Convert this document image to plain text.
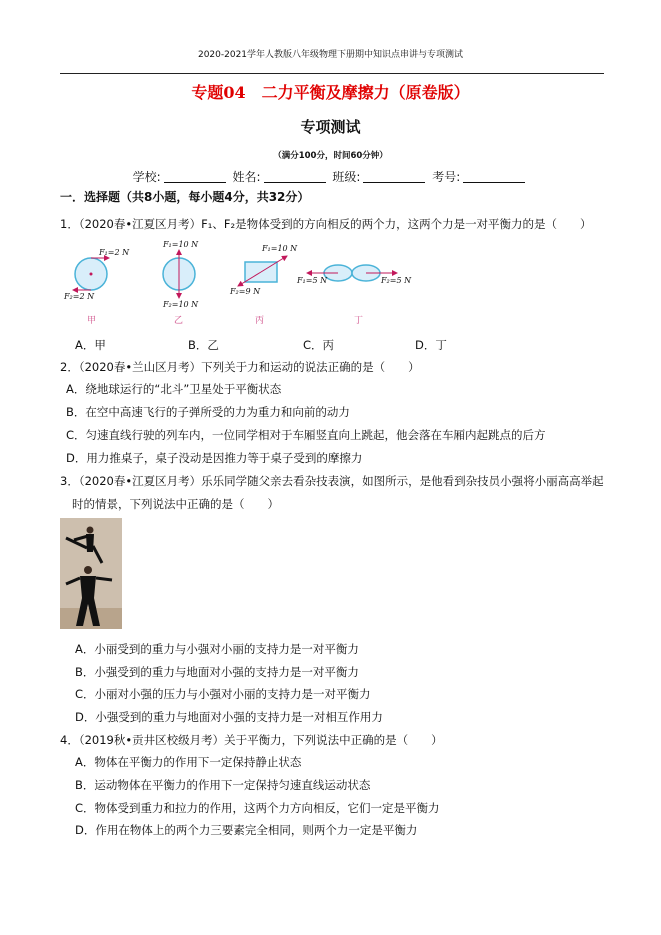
2020-2021学年人教版八年级物理下册期中知识点串讲与专项测试
专题04　二力平衡及摩擦力（原卷版）
专项测试
（满分100分，时间60分钟）
学校:	姓名:	班级:	考号:
一．选择题（共8小题，每小题4分，共32分）
1．（2020春•江夏区月考）F₁、F₂是物体受到的方向相反的两个力，这两个力是一对平衡力的是（　　）
F₁=2 N
F₂=2 N
F₁=10 N
F₂=10 N
F₁=10 N
F₂=9 N
F₁=5 N	F₂=5 N
甲	乙	丙	丁
A．甲	B．乙	C．丙	D．丁
2．（2020春•兰山区月考）下列关于力和运动的说法正确的是（　　）
A．绕地球运行的“北斗”卫星处于平衡状态
B．在空中高速飞行的子弹所受的力为重力和向前的动力
C．匀速直线行驶的列车内，一位同学相对于车厢竖直向上跳起，他会落在车厢内起跳点的后方
D．用力推桌子，桌子没动是因推力等于桌子受到的摩擦力
3．（2020春•江夏区月考）乐乐同学随父亲去看杂技表演，如图所示，是他看到杂技员小强将小丽高高举起
时的情景，下列说法中正确的是（　　）
A．小丽受到的重力与小强对小丽的支持力是一对平衡力
B．小强受到的重力与地面对小强的支持力是一对平衡力
C．小丽对小强的压力与小强对小丽的支持力是一对平衡力
D．小强受到的重力与地面对小强的支持力是一对相互作用力
4．（2019秋•贡井区校级月考）关于平衡力，下列说法中正确的是（　　）
A．物体在平衡力的作用下一定保持静止状态
B．运动物体在平衡力的作用下一定保持匀速直线运动状态
C．物体受到重力和拉力的作用，这两个力方向相反，它们一定是平衡力
D．作用在物体上的两个力三要素完全相同，则两个力一定是平衡力
